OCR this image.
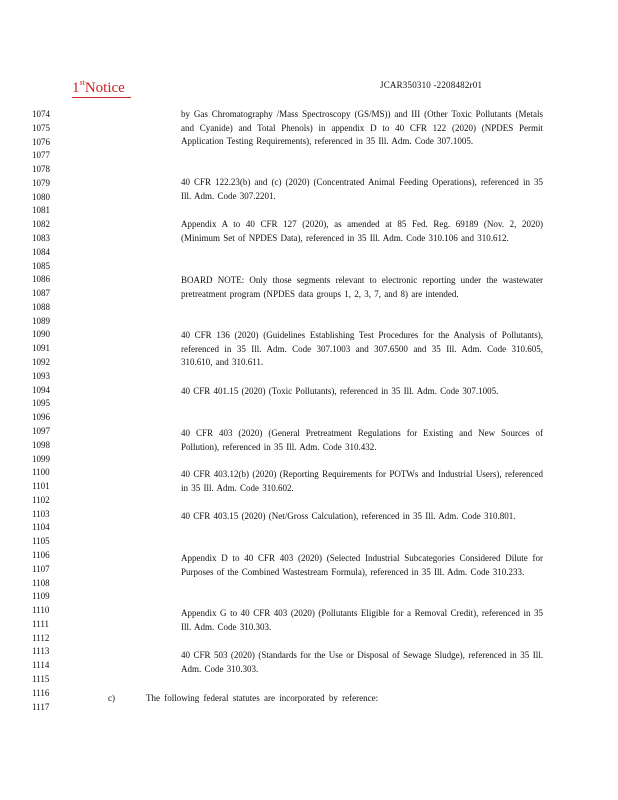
1stNotice	JCAR350310 -2208482r01
1074
1075
1076
1077
1078
1079
1080
1081
1082
1083
1084
1085
1086
1087
1088
1089
1090
1091
1092
1093
1094
1095
1096
1097
1098
1099
1100
1101
1102
1103
1104
1105
1106
1107
1108
1109
1110
1111
1112
1113
1114
1115
1116
1117
by Gas Chromatography /Mass Spectroscopy (GS/MS)) and III (Other Toxic Pollutants (Metals and Cyanide) and Total Phenols) in appendix D to 40 CFR 122 (2020) (NPDES Permit Application Testing Requirements), referenced in 35 Ill. Adm. Code 307.1005.
40 CFR 122.23(b) and (c) (2020) (Concentrated Animal Feeding Operations), referenced in 35 Ill. Adm. Code 307.2201.
Appendix A to 40 CFR 127 (2020), as amended at 85 Fed. Reg. 69189 (Nov. 2, 2020) (Minimum Set of NPDES Data), referenced in 35 Ill. Adm. Code 310.106 and 310.612.
BOARD NOTE: Only those segments relevant to electronic reporting under the wastewater pretreatment program (NPDES data groups 1, 2, 3, 7, and 8) are intended.
40 CFR 136 (2020) (Guidelines Establishing Test Procedures for the Analysis of Pollutants), referenced in 35 Ill. Adm. Code 307.1003 and 307.6500 and 35 Ill. Adm. Code 310.605, 310.610, and 310.611.
40 CFR 401.15 (2020) (Toxic Pollutants), referenced in 35 Ill. Adm. Code 307.1005.
40 CFR 403 (2020) (General Pretreatment Regulations for Existing and New Sources of Pollution), referenced in 35 Ill. Adm. Code 310.432.
40 CFR 403.12(b) (2020) (Reporting Requirements for POTWs and Industrial Users), referenced in 35 Ill. Adm. Code 310.602.
40 CFR 403.15 (2020) (Net/Gross Calculation), referenced in 35 Ill. Adm. Code 310.801.
Appendix D to 40 CFR 403 (2020) (Selected Industrial Subcategories Considered Dilute for Purposes of the Combined Wastestream Formula), referenced in 35 Ill. Adm. Code 310.233.
Appendix G to 40 CFR 403 (2020) (Pollutants Eligible for a Removal Credit), referenced in 35 Ill. Adm. Code 310.303.
40 CFR 503 (2020) (Standards for the Use or Disposal of Sewage Sludge), referenced in 35 Ill. Adm. Code 310.303.
c)	The following federal statutes are incorporated by reference:
